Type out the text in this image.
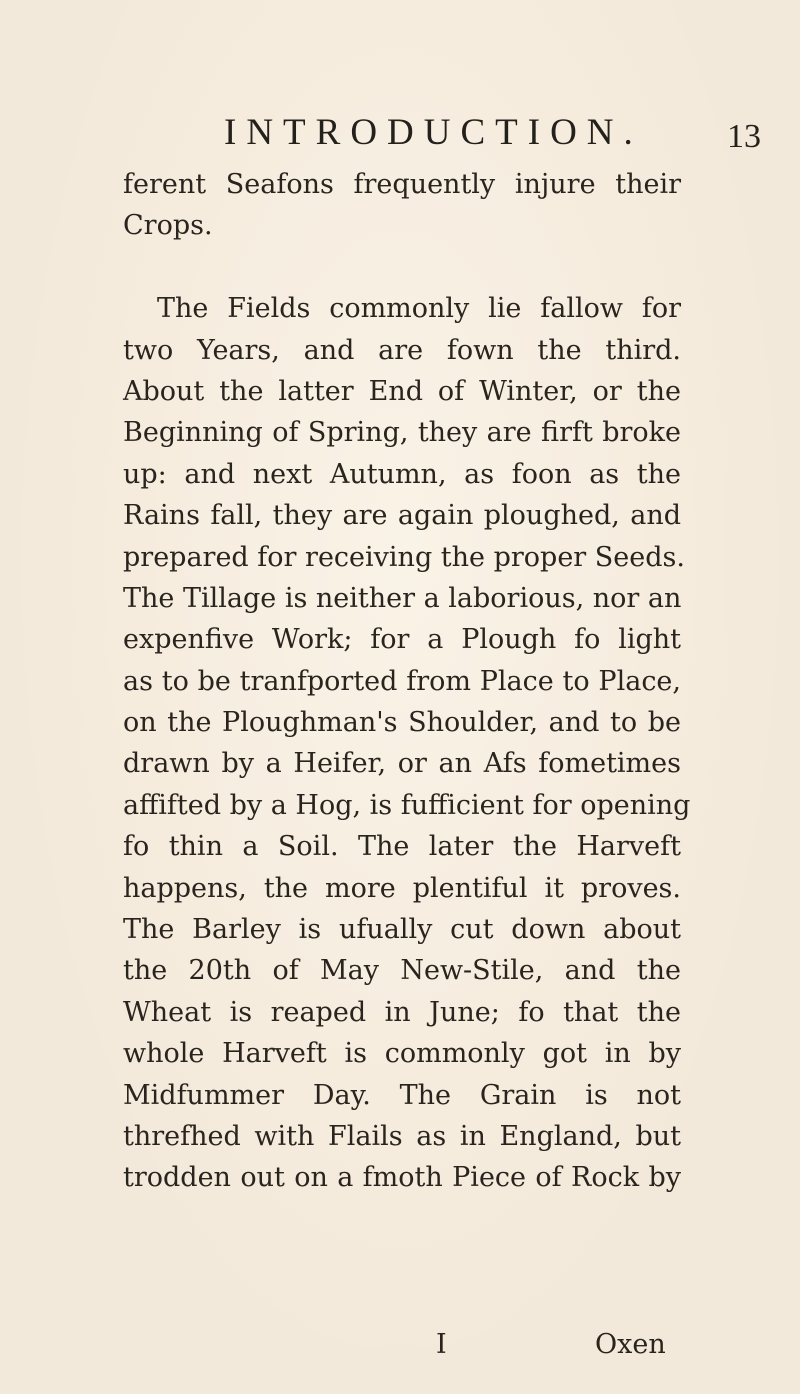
INTRODUCTION. 13
ferent Seafons frequently injure their
Crops.
The Fields commonly lie fallow for
two Years, and are fown the third.
About the latter End of Winter, or the
Beginning of Spring, they are firft broke
up: and next Autumn, as foon as the
Rains fall, they are again ploughed, and
prepared for receiving the proper Seeds.
The Tillage is neither a laborious, nor an
expenfive Work; for a Plough fo light
as to be tranfported from Place to Place,
on the Ploughman's Shoulder, and to be
drawn by a Heifer, or an Afs fometimes
affifted by a Hog, is fufficient for opening
fo thin a Soil. The later the Harveft
happens, the more plentiful it proves.
The Barley is ufually cut down about
the 20th of May New-Stile, and the
Wheat is reaped in June; fo that the
whole Harveft is commonly got in by
Midfummer Day. The Grain is not
threfhed with Flails as in England, but
trodden out on a fmoth Piece of Rock by
I	Oxen
